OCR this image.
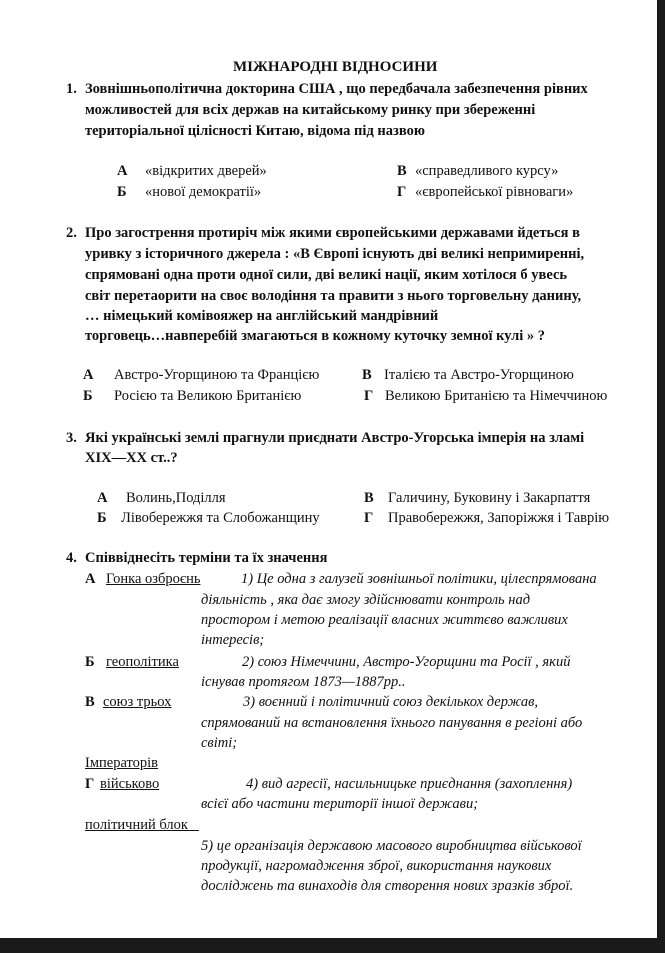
МІЖНАРОДНІ ВІДНОСИНИ
1. Зовнішньополітична докторина США , що передбачала забезпечення рівних
можливостей для всіх держав на китайському ринку при збереженні
територіальної цілісності Китаю, відома під назвою
А «відкритих дверей»	В «справедливого курсу»
Б «нової демократії»	Г «європейської рівноваги»
2. Про загострення протиріч між якими європейськими державами йдеться в
уривку з історичного джерела : «В Європі існують дві великі непримиренні,
спрямовані одна проти одної сили, дві великі нації, яким хотілося б увесь
світ перетаорити на своє володіння та правити з нього торговельну данину,
… німецький комівояжер на англійський мандрівний
торговець…навперебій змагаються в кожному куточку земної кулі » ?
А Австро-Угорщиною та Францією	В Італією та Австро-Угорщиною
Б Росією та Великою Британією	Г Великою Британією та Німеччиною
3. Які українські землі прагнули приєднати Австро-Угорська імперія на зламі
ХІХ—ХХ ст..?
А Волинь,Поділля	В Галичину, Буковину і Закарпаття
Б Лівобережжя та Слобожанщину	Г Правобережжя, Запоріжжя і Таврію
4. Співвіднесіть терміни та їх значення
А Гонка озброєнь	1) Це одна з галузей зовнішньої політики, цілеспрямована
діяльність , яка дає змогу здійснювати контроль над
простором і метою реалізації власних життєво важливих
інтересів;
Б геополітика	2) союз Німеччини, Австро-Угорщини та Росії , який
існував протягом 1873—1887рр..
В союз трьох	3) воєнний і політичний союз декількох держав,
спрямований на встановлення їхнього панування в регіоні або
світі;
Імператорів
Г військово	4) вид агресії, насильницьке приєднання (захоплення)
всієї або частини території іншої держави;
політичний блок
5) це організація державою масового виробництва військової
продукції, нагромадження зброї, використання наукових
досліджень та винаходів для створення нових зразків зброї.
